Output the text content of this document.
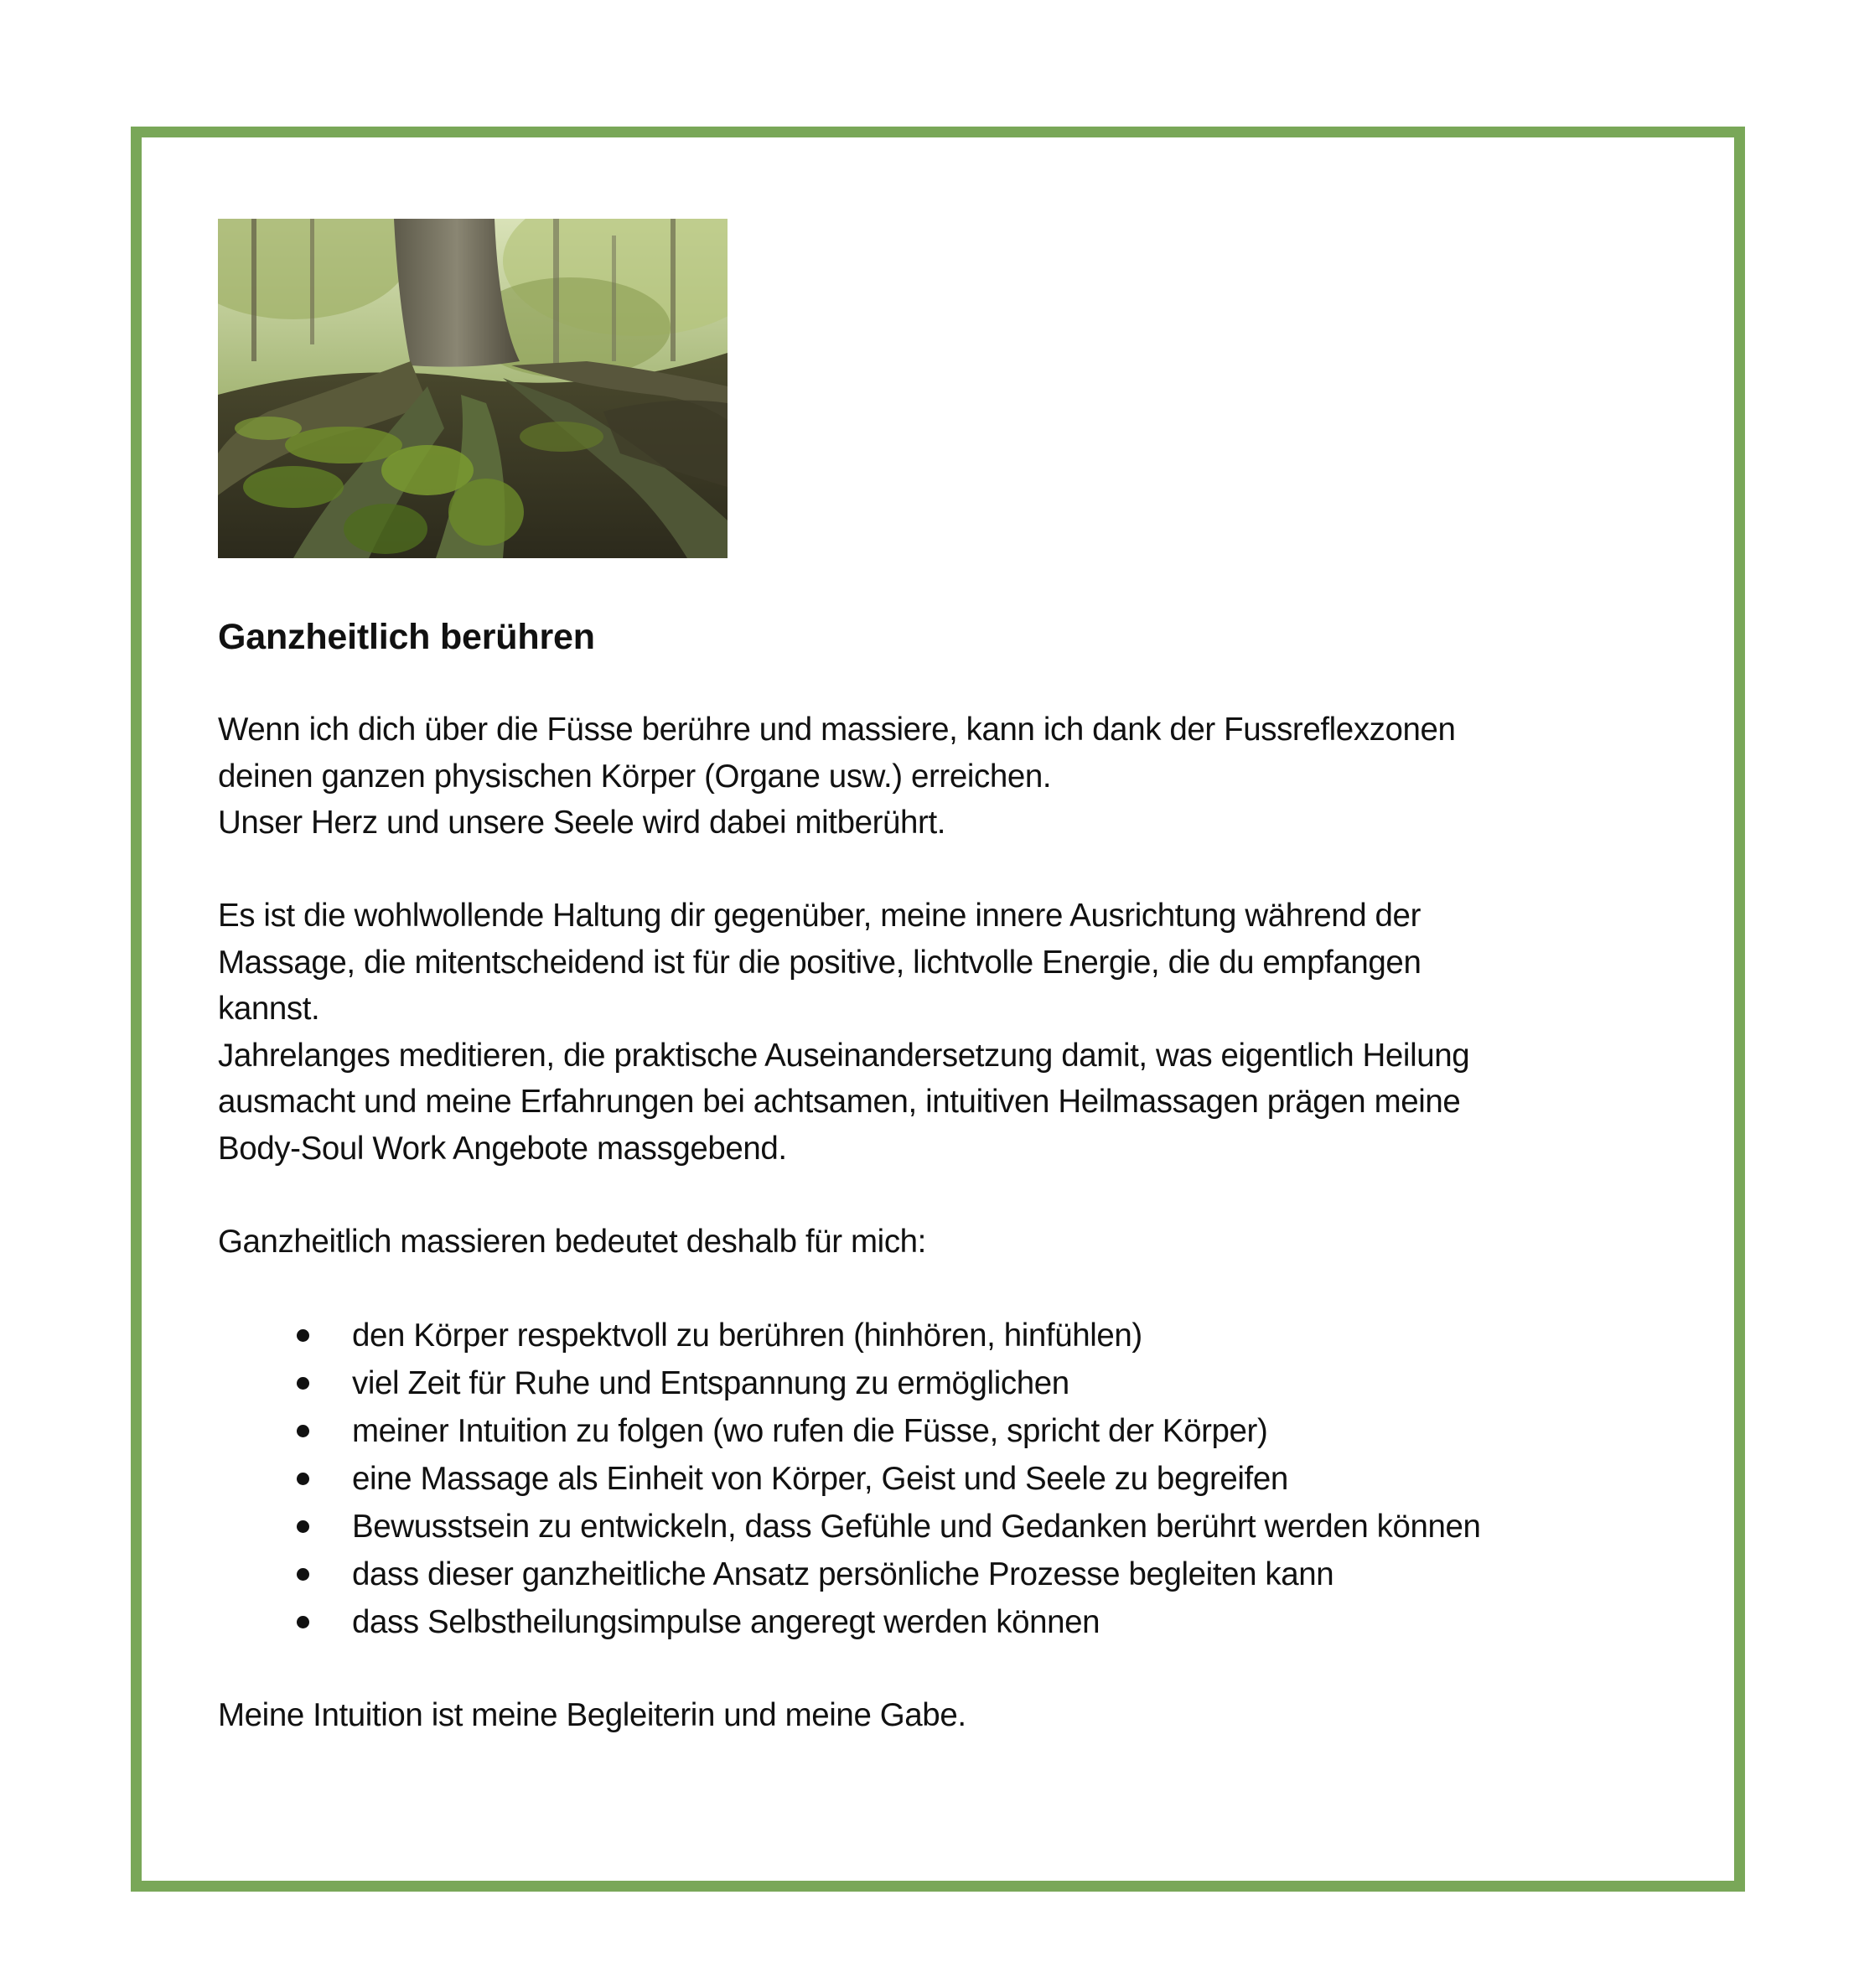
Ganzheitlich berühren

Wenn ich dich über die Füsse berühre und massiere, kann ich dank der Fussreflexzonen

deinen ganzen physischen Körper (Organe usw.) erreichen.

Unser Herz und unsere Seele wird dabei mitberührt.

Es ist die wohlwollende Haltung dir gegenüber, meine innere Ausrichtung während der

Massage, die mitentscheidend ist für die positive, lichtvolle Energie, die du empfangen

kannst.

Jahrelanges meditieren, die praktische Auseinandersetzung damit, was eigentlich Heilung

ausmacht und meine Erfahrungen bei achtsamen, intuitiven Heilmassagen prägen meine

Body-Soul Work Angebote massgebend.

Ganzheitlich massieren bedeutet deshalb für mich:

den Körper respektvoll zu berühren (hinhören, hinfühlen)
viel Zeit für Ruhe und Entspannung zu ermöglichen
meiner Intuition zu folgen (wo rufen die Füsse, spricht der Körper)
eine Massage als Einheit von Körper, Geist und Seele zu begreifen
Bewusstsein zu entwickeln, dass Gefühle und Gedanken berührt werden können
dass dieser ganzheitliche Ansatz persönliche Prozesse begleiten kann
dass Selbstheilungsimpulse angeregt werden können

Meine Intuition ist meine Begleiterin und meine Gabe.
